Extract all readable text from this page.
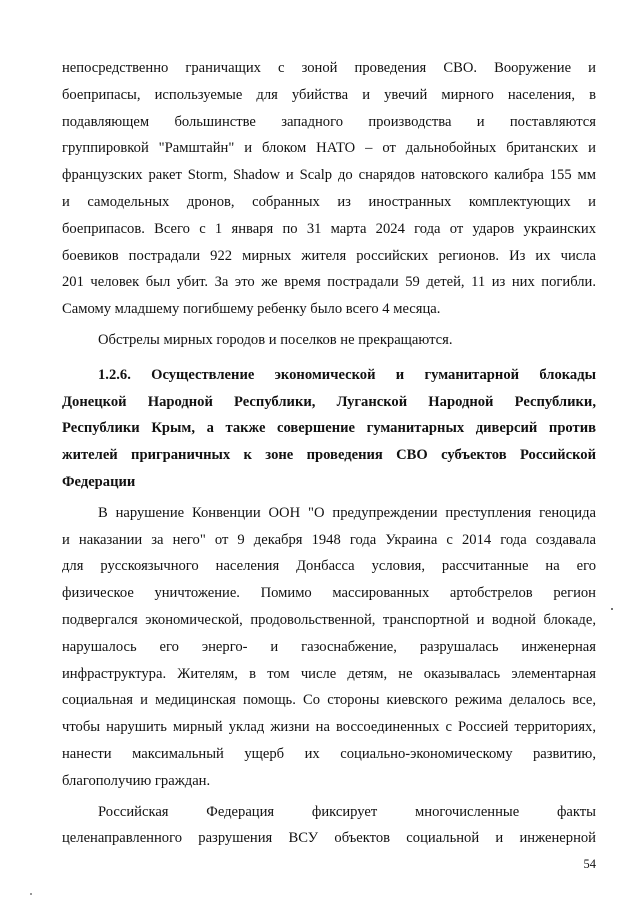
непосредственно граничащих с зоной проведения СВО. Вооружение и
боеприпасы, используемые для убийства и увечий мирного населения, в
подавляющем большинстве западного производства и поставляются
группировкой "Рамштайн" и блоком НАТО – от дальнобойных британских и
французских ракет Storm, Shadow и Scalp до снарядов натовского калибра 155 мм
и самодельных дронов, собранных из иностранных комплектующих и
боеприпасов. Всего с 1 января по 31 марта 2024 года от ударов украинских
боевиков пострадали 922 мирных жителя российских регионов. Из их числа
201 человек был убит. За это же время пострадали 59 детей, 11 из них погибли.
Самому младшему погибшему ребенку было всего 4 месяца.
Обстрелы мирных городов и поселков не прекращаются.
1.2.6. Осуществление экономической и гуманитарной блокады
Донецкой Народной Республики, Луганской Народной Республики,
Республики Крым, а также совершение гуманитарных диверсий против
жителей приграничных к зоне проведения СВО субъектов Российской
Федерации
В нарушение Конвенции ООН "О предупреждении преступления геноцида
и наказании за него" от 9 декабря 1948 года Украина с 2014 года создавала
для русскоязычного населения Донбасса условия, рассчитанные на его
физическое уничтожение. Помимо массированных артобстрелов регион
подвергался экономической, продовольственной, транспортной и водной блокаде,
нарушалось его энерго- и газоснабжение, разрушалась инженерная
инфраструктура. Жителям, в том числе детям, не оказывалась элементарная
социальная и медицинская помощь. Со стороны киевского режима делалось все,
чтобы нарушить мирный уклад жизни на воссоединенных с Россией территориях,
нанести максимальный ущерб их социально-экономическому развитию,
благополучию граждан.
Российская Федерация фиксирует многочисленные факты
целенаправленного разрушения ВСУ объектов социальной и инженерной
54
